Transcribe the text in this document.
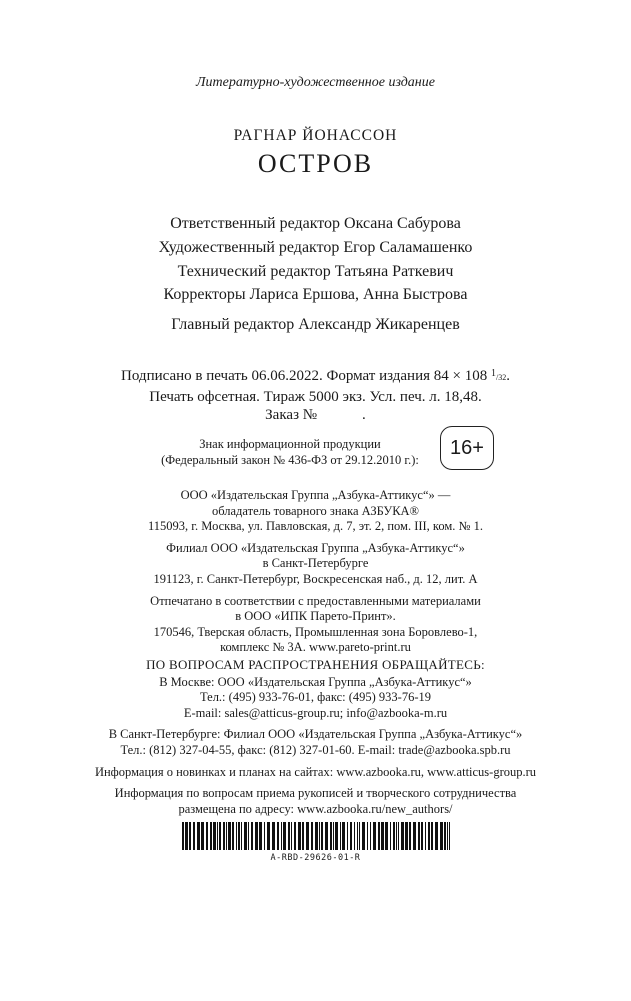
Литературно-художественное издание
РАГНАР ЙОНАССОН
ОСТРОВ
Ответственный редактор Оксана Сабурова
Художественный редактор Егор Саламашенко
Технический редактор Татьяна Раткевич
Корректоры Лариса Ершова, Анна Быстрова
Главный редактор Александр Жикаренцев
Подписано в печать 06.06.2022. Формат издания 84 × 108 $^1$/32.
Печать офсетная. Тираж 5000 экз. Усл. печ. л. 18,48.
Заказ №            .
Знак информационной продукции
(Федеральный закон № 436-ФЗ от 29.12.2010 г.):
16+
ООО «Издательская Группа „Азбука-Аттикус“» —
обладатель товарного знака АЗБУКА®
115093, г. Москва, ул. Павловская, д. 7, эт. 2, пом. III, ком. № 1.
Филиал ООО «Издательская Группа „Азбука-Аттикус“»
в Санкт-Петербурге
191123, г. Санкт-Петербург, Воскресенская наб., д. 12, лит. А
Отпечатано в соответствии с предоставленными материалами
в ООО «ИПК Парето-Принт».
170546, Тверская область, Промышленная зона Боровлево-1,
комплекс № 3А. www.pareto-print.ru
ПО ВОПРОСАМ РАСПРОСТРАНЕНИЯ ОБРАЩАЙТЕСЬ:
В Москве: ООО «Издательская Группа „Азбука-Аттикус“»
Тел.: (495) 933-76-01, факс: (495) 933-76-19
E-mail: sales@atticus-group.ru; info@azbooka-m.ru
В Санкт-Петербурге: Филиал ООО «Издательская Группа „Азбука-Аттикус“»
Тел.: (812) 327-04-55, факс: (812) 327-01-60. E-mail: trade@azbooka.spb.ru
Информация о новинках и планах на сайтах: www.azbooka.ru, www.atticus-group.ru
Информация по вопросам приема рукописей и творческого сотрудничества
размещена по адресу: www.azbooka.ru/new_authors/
A-RBD-29626-01-R
